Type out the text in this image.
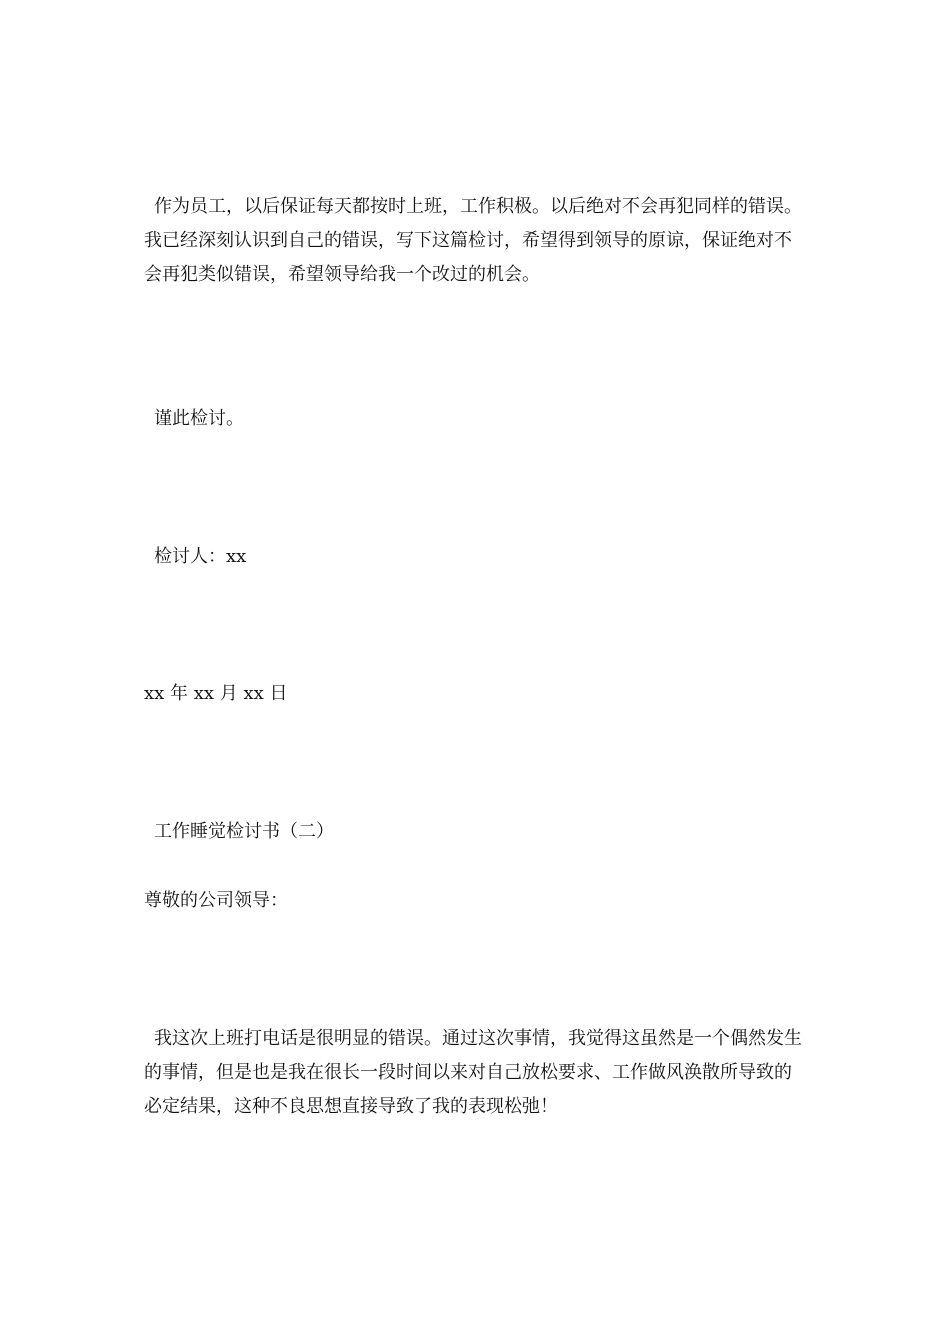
作为员工，以后保证每天都按时上班，工作积极。以后绝对不会再犯同样的错误。我已经深刻认识到自己的错误，写下这篇检讨，希望得到领导的原谅，保证绝对不会再犯类似错误，希望领导给我一个改过的机会。
谨此检讨。
检讨人：xx
xx 年 xx 月 xx 日
工作睡觉检讨书（二）
尊敬的公司领导：
我这次上班打电话是很明显的错误。通过这次事情，我觉得这虽然是一个偶然发生的事情，但是也是我在很长一段时间以来对自己放松要求、工作做风涣散所导致的必定结果，这种不良思想直接导致了我的表现松弛！
